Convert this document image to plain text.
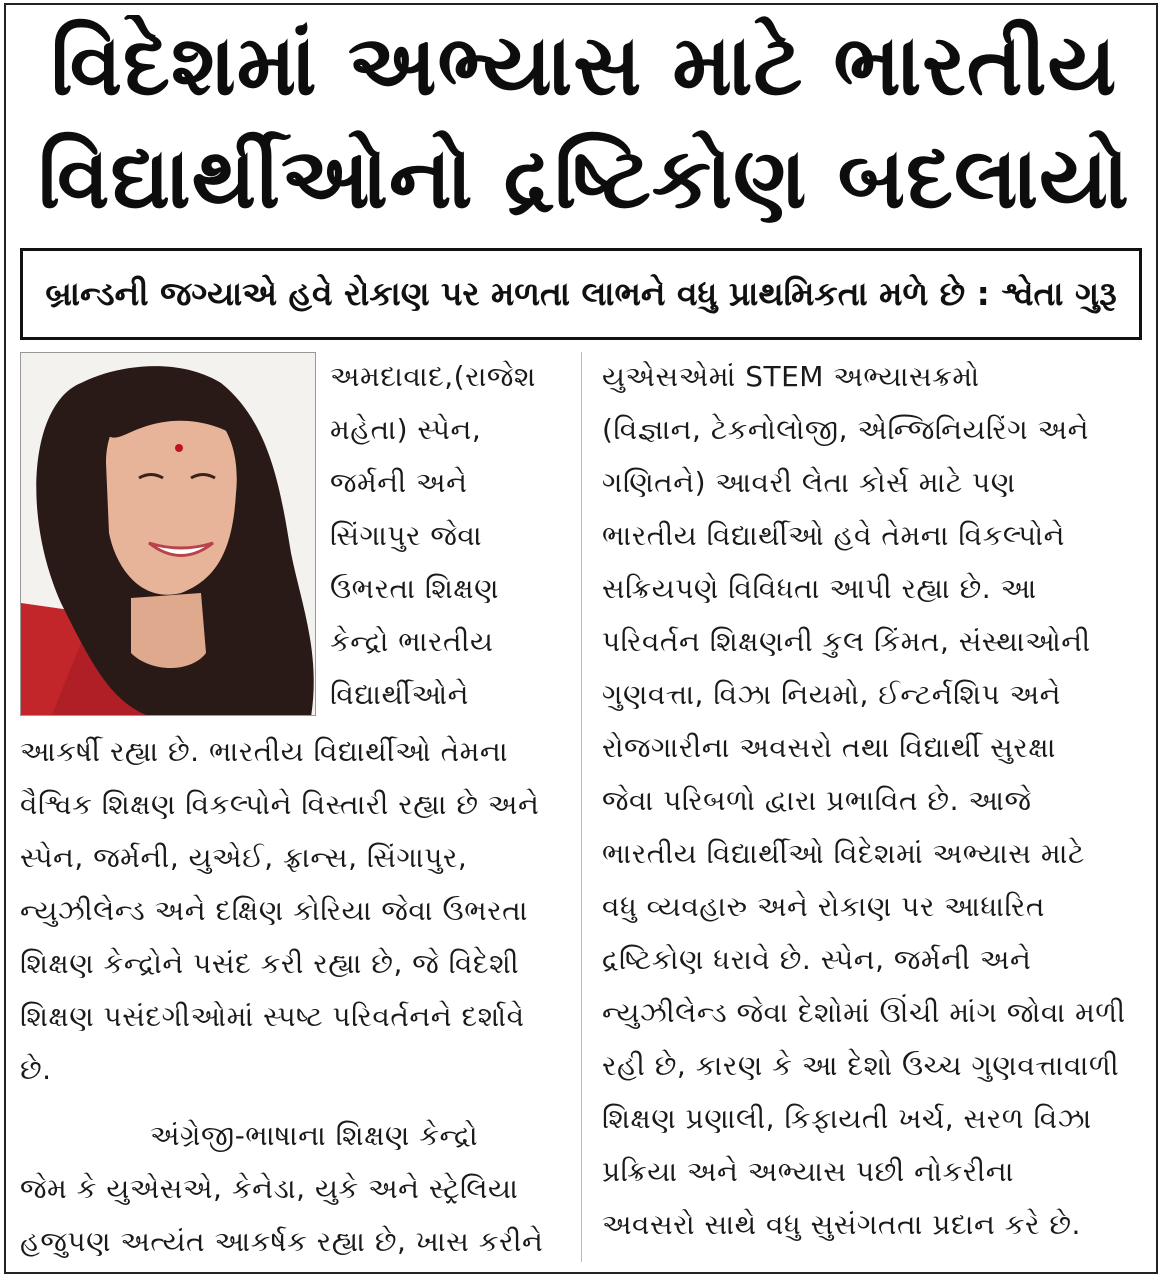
વિદેશમાં અભ્યાસ માટે ભારતીય
વિદ્યાર્થીઓનો દ્રષ્ટિકોણ બદલાયો
બ્રાન્ડની જગ્યાએ હવે રોકાણ પર મળતા લાભને વધુ પ્રાથમિકતા મળે છે : શ્વેતા ગુરૂ
અમદાવાદ,(રાજેશ
મહેતા) સ્પેન,
જર્મની અને
સિંગાપુર જેવા
ઉભરતા શિક્ષણ
કેન્દ્રો ભારતીય
વિદ્યાર્થીઓને
આકર્ષી રહ્યા છે. ભારતીય વિદ્યાર્થીઓ તેમના
વૈશ્વિક શિક્ષણ વિકલ્પોને વિસ્તારી રહ્યા છે અને
સ્પેન, જર્મની, યુએઈ, ફ્રાન્સ, સિંગાપુર,
ન્યુઝીલેન્ડ અને દક્ષિણ કોરિયા જેવા ઉભરતા
શિક્ષણ કેન્દ્રોને પસંદ કરી રહ્યા છે, જે વિદેશી
શિક્ષણ પસંદગીઓમાં સ્પષ્ટ પરિવર્તનને દર્શાવે
છે.
અંગ્રેજી-ભાષાના શિક્ષણ કેન્દ્રો
જેમ કે યુએસએ, કેનેડા, યુકે અને સ્ટ્રેલિયા
હજુપણ અત્યંત આકર્ષક રહ્યા છે, ખાસ કરીને
યુએસએમાં STEM અભ્યાસક્રમો
(વિજ્ઞાન, ટેકનોલોજી, એન્જિનિયરિંગ અને
ગણિતને) આવરી લેતા કોર્સ માટે પણ
ભારતીય વિદ્યાર્થીઓ હવે તેમના વિકલ્પોને
સક્રિયપણે વિવિધતા આપી રહ્યા છે. આ
પરિવર્તન શિક્ષણની કુલ કિંમત, સંસ્થાઓની
ગુણવત્તા, વિઝા નિયમો, ઈન્ટર્નશિપ અને
રોજગારીના અવસરો તથા વિદ્યાર્થી સુરક્ષા
જેવા પરિબળો દ્વારા પ્રભાવિત છે. આજે
ભારતીય વિદ્યાર્થીઓ વિદેશમાં અભ્યાસ માટે
વધુ વ્યવહારુ અને રોકાણ પર આધારિત
દ્રષ્ટિકોણ ધરાવે છે. સ્પેન, જર્મની અને
ન્યુઝીલેન્ડ જેવા દેશોમાં ઊંચી માંગ જોવા મળી
રહી છે, કારણ કે આ દેશો ઉચ્ચ ગુણવત્તાવાળી
શિક્ષણ પ્રણાલી, કિફાયતી ખર્ચ, સરળ વિઝા
પ્રક્રિયા અને અભ્યાસ પછી નોકરીના
અવસરો સાથે વધુ સુસંગતતા પ્રદાન કરે છે.
